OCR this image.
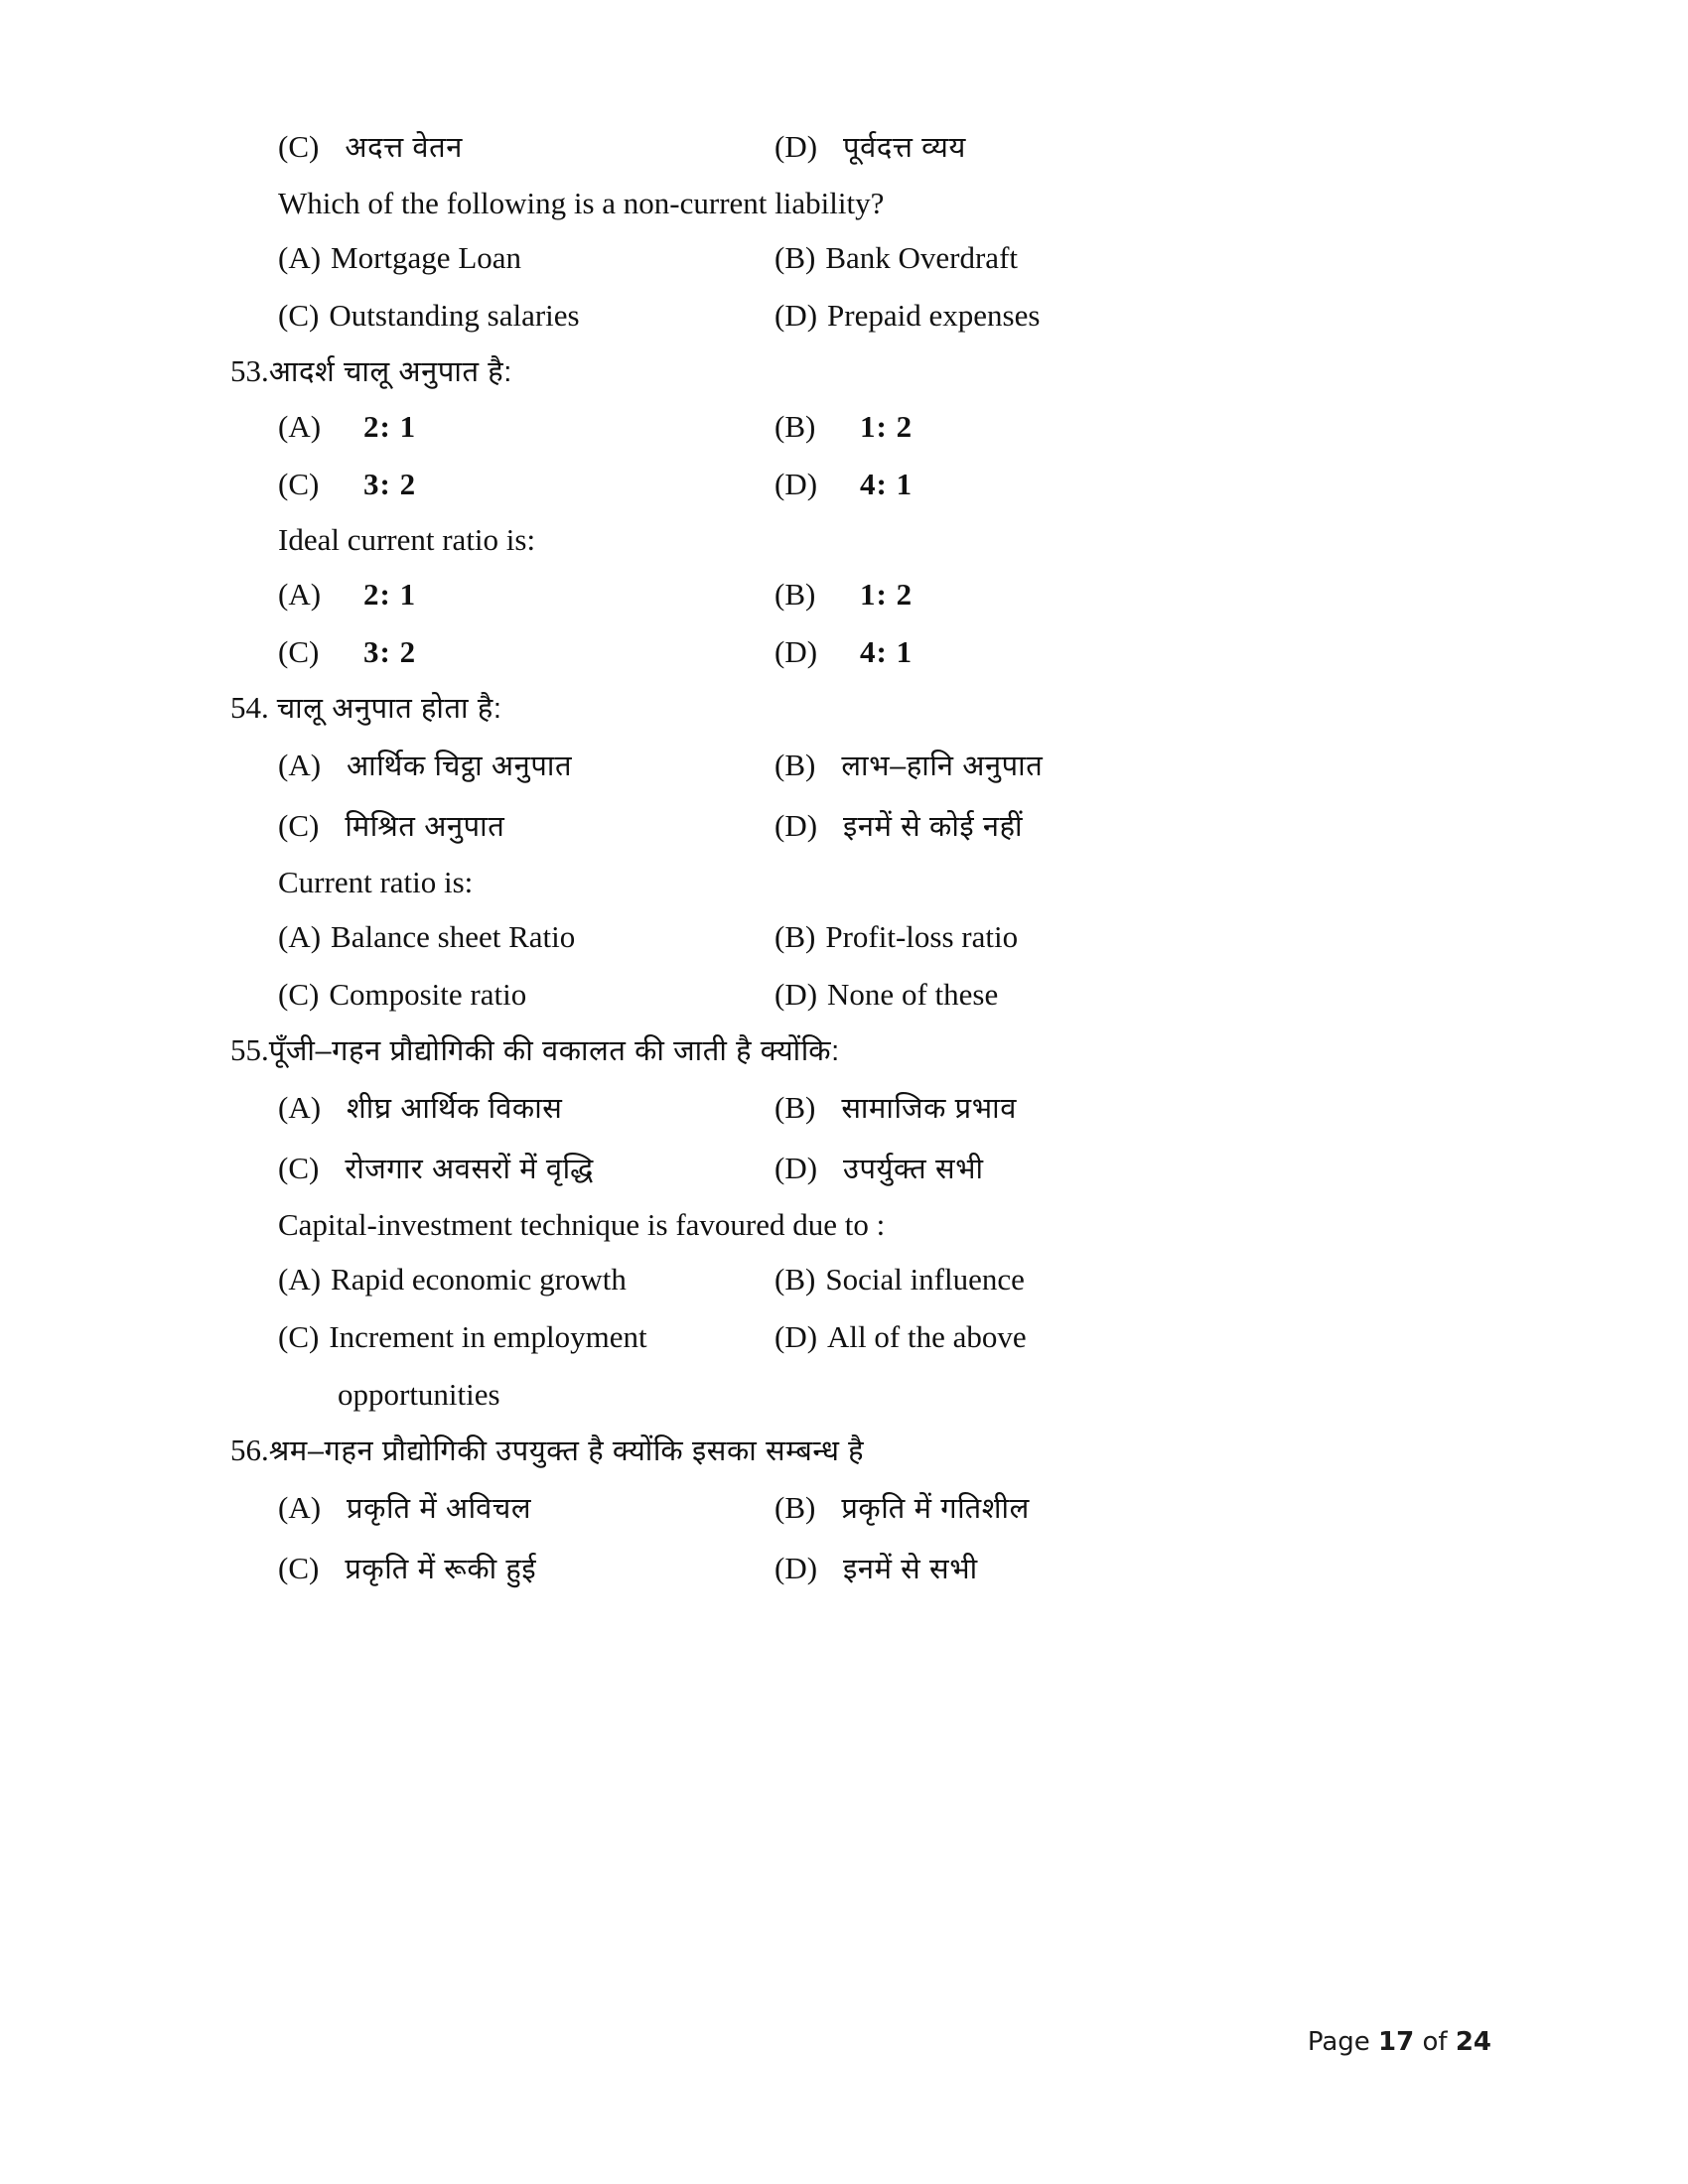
(C) अदत्त वेतन	(D) पूर्वदत्त व्यय
Which of the following is a non-current liability?
(A) Mortgage Loan	(B) Bank Overdraft
(C) Outstanding salaries	(D) Prepaid expenses
53. आदर्श चालू अनुपात है:
(A)	2: 1	(B)	1: 2
(C)	3: 2	(D)	4: 1
Ideal current ratio is:
(A)	2: 1	(B)	1: 2
(C)	3: 2	(D)	4: 1
54. चालू अनुपात होता है:
(A) आर्थिक चिट्ठा अनुपात	(B) लाभ–हानि अनुपात
(C) मिश्रित अनुपात	(D) इनमें से कोई नहीं
Current ratio is:
(A) Balance sheet Ratio	(B) Profit-loss ratio
(C) Composite ratio	(D) None of these
55. पूँजी–गहन प्रौद्योगिकी की वकालत की जाती है क्योंकि:
(A) शीघ्र आर्थिक विकास	(B) सामाजिक प्रभाव
(C) रोजगार अवसरों में वृद्धि	(D) उपर्युक्त सभी
Capital-investment technique is favoured due to :
(A) Rapid economic growth	(B) Social influence
(C) Increment in employment	(D) All of the above
opportunities
56. श्रम–गहन प्रौद्योगिकी उपयुक्त है क्योंकि इसका सम्बन्ध है
(A) प्रकृति में अविचल	(B) प्रकृति में गतिशील
(C) प्रकृति में रूकी हुई	(D) इनमें से सभी
Page 17 of 24
